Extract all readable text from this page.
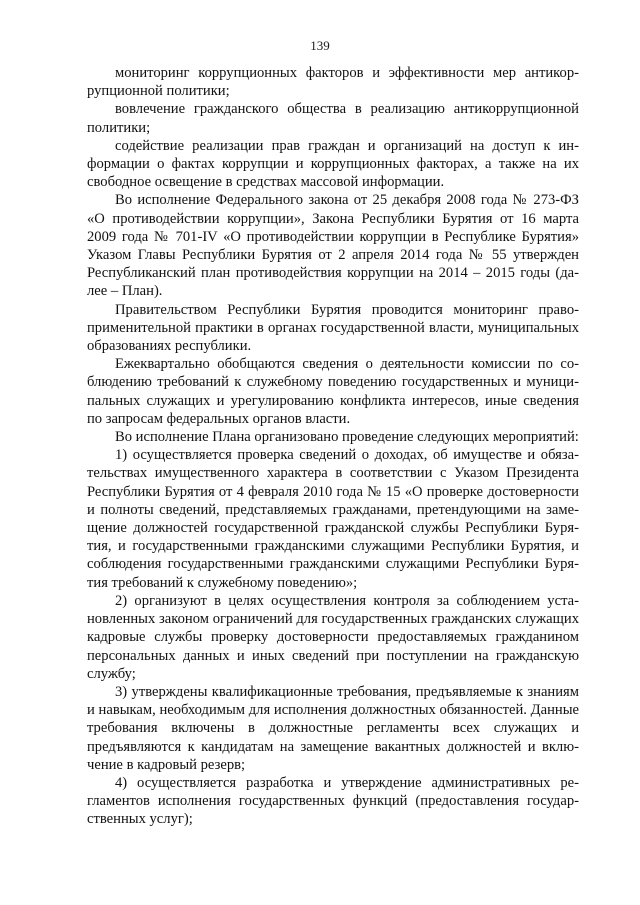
139

мониторинг коррупционных факторов и эффективности мер антикоррупционной политики;

вовлечение гражданского общества в реализацию антикоррупционной политики;

содействие реализации прав граждан и организаций на доступ к информации о фактах коррупции и коррупционных факторах, а также на их свободное освещение в средствах массовой информации.

Во исполнение Федерального закона от 25 декабря 2008 года № 273-ФЗ «О противодействии коррупции», Закона Республики Бурятия от 16 марта 2009 года № 701-IV «О противодействии коррупции в Республике Бурятия» Указом Главы Республики Бурятия от 2 апреля 2014 года № 55 утвержден Республиканский план противодействия коррупции на 2014 – 2015 годы (далее – План).

Правительством Республики Бурятия проводится мониторинг правоприменительной практики в органах государственной власти, муниципальных образованиях республики.

Ежеквартально обобщаются сведения о деятельности комиссии по соблюдению требований к служебному поведению государственных и муниципальных служащих и урегулированию конфликта интересов, иные сведения по запросам федеральных органов власти.

Во исполнение Плана организовано проведение следующих мероприятий:

1) осуществляется проверка сведений о доходах, об имуществе и обязательствах имущественного характера в соответствии с Указом Президента Республики Бурятия от 4 февраля 2010 года № 15 «О проверке достоверности и полноты сведений, представляемых гражданами, претендующими на замещение должностей государственной гражданской службы Республики Бурятия, и государственными гражданскими служащими Республики Бурятия, и соблюдения государственными гражданскими служащими Республики Бурятия требований к служебному поведению»;

2) организуют в целях осуществления контроля за соблюдением установленных законом ограничений для государственных гражданских служащих кадровые службы проверку достоверности предоставляемых гражданином персональных данных и иных сведений при поступлении на гражданскую службу;

3) утверждены квалификационные требования, предъявляемые к знаниям и навыкам, необходимым для исполнения должностных обязанностей. Данные требования включены в должностные регламенты всех служащих и предъявляются к кандидатам на замещение вакантных должностей и включение в кадровый резерв;

4) осуществляется разработка и утверждение административных регламентов исполнения государственных функций (предоставления государственных услуг);
